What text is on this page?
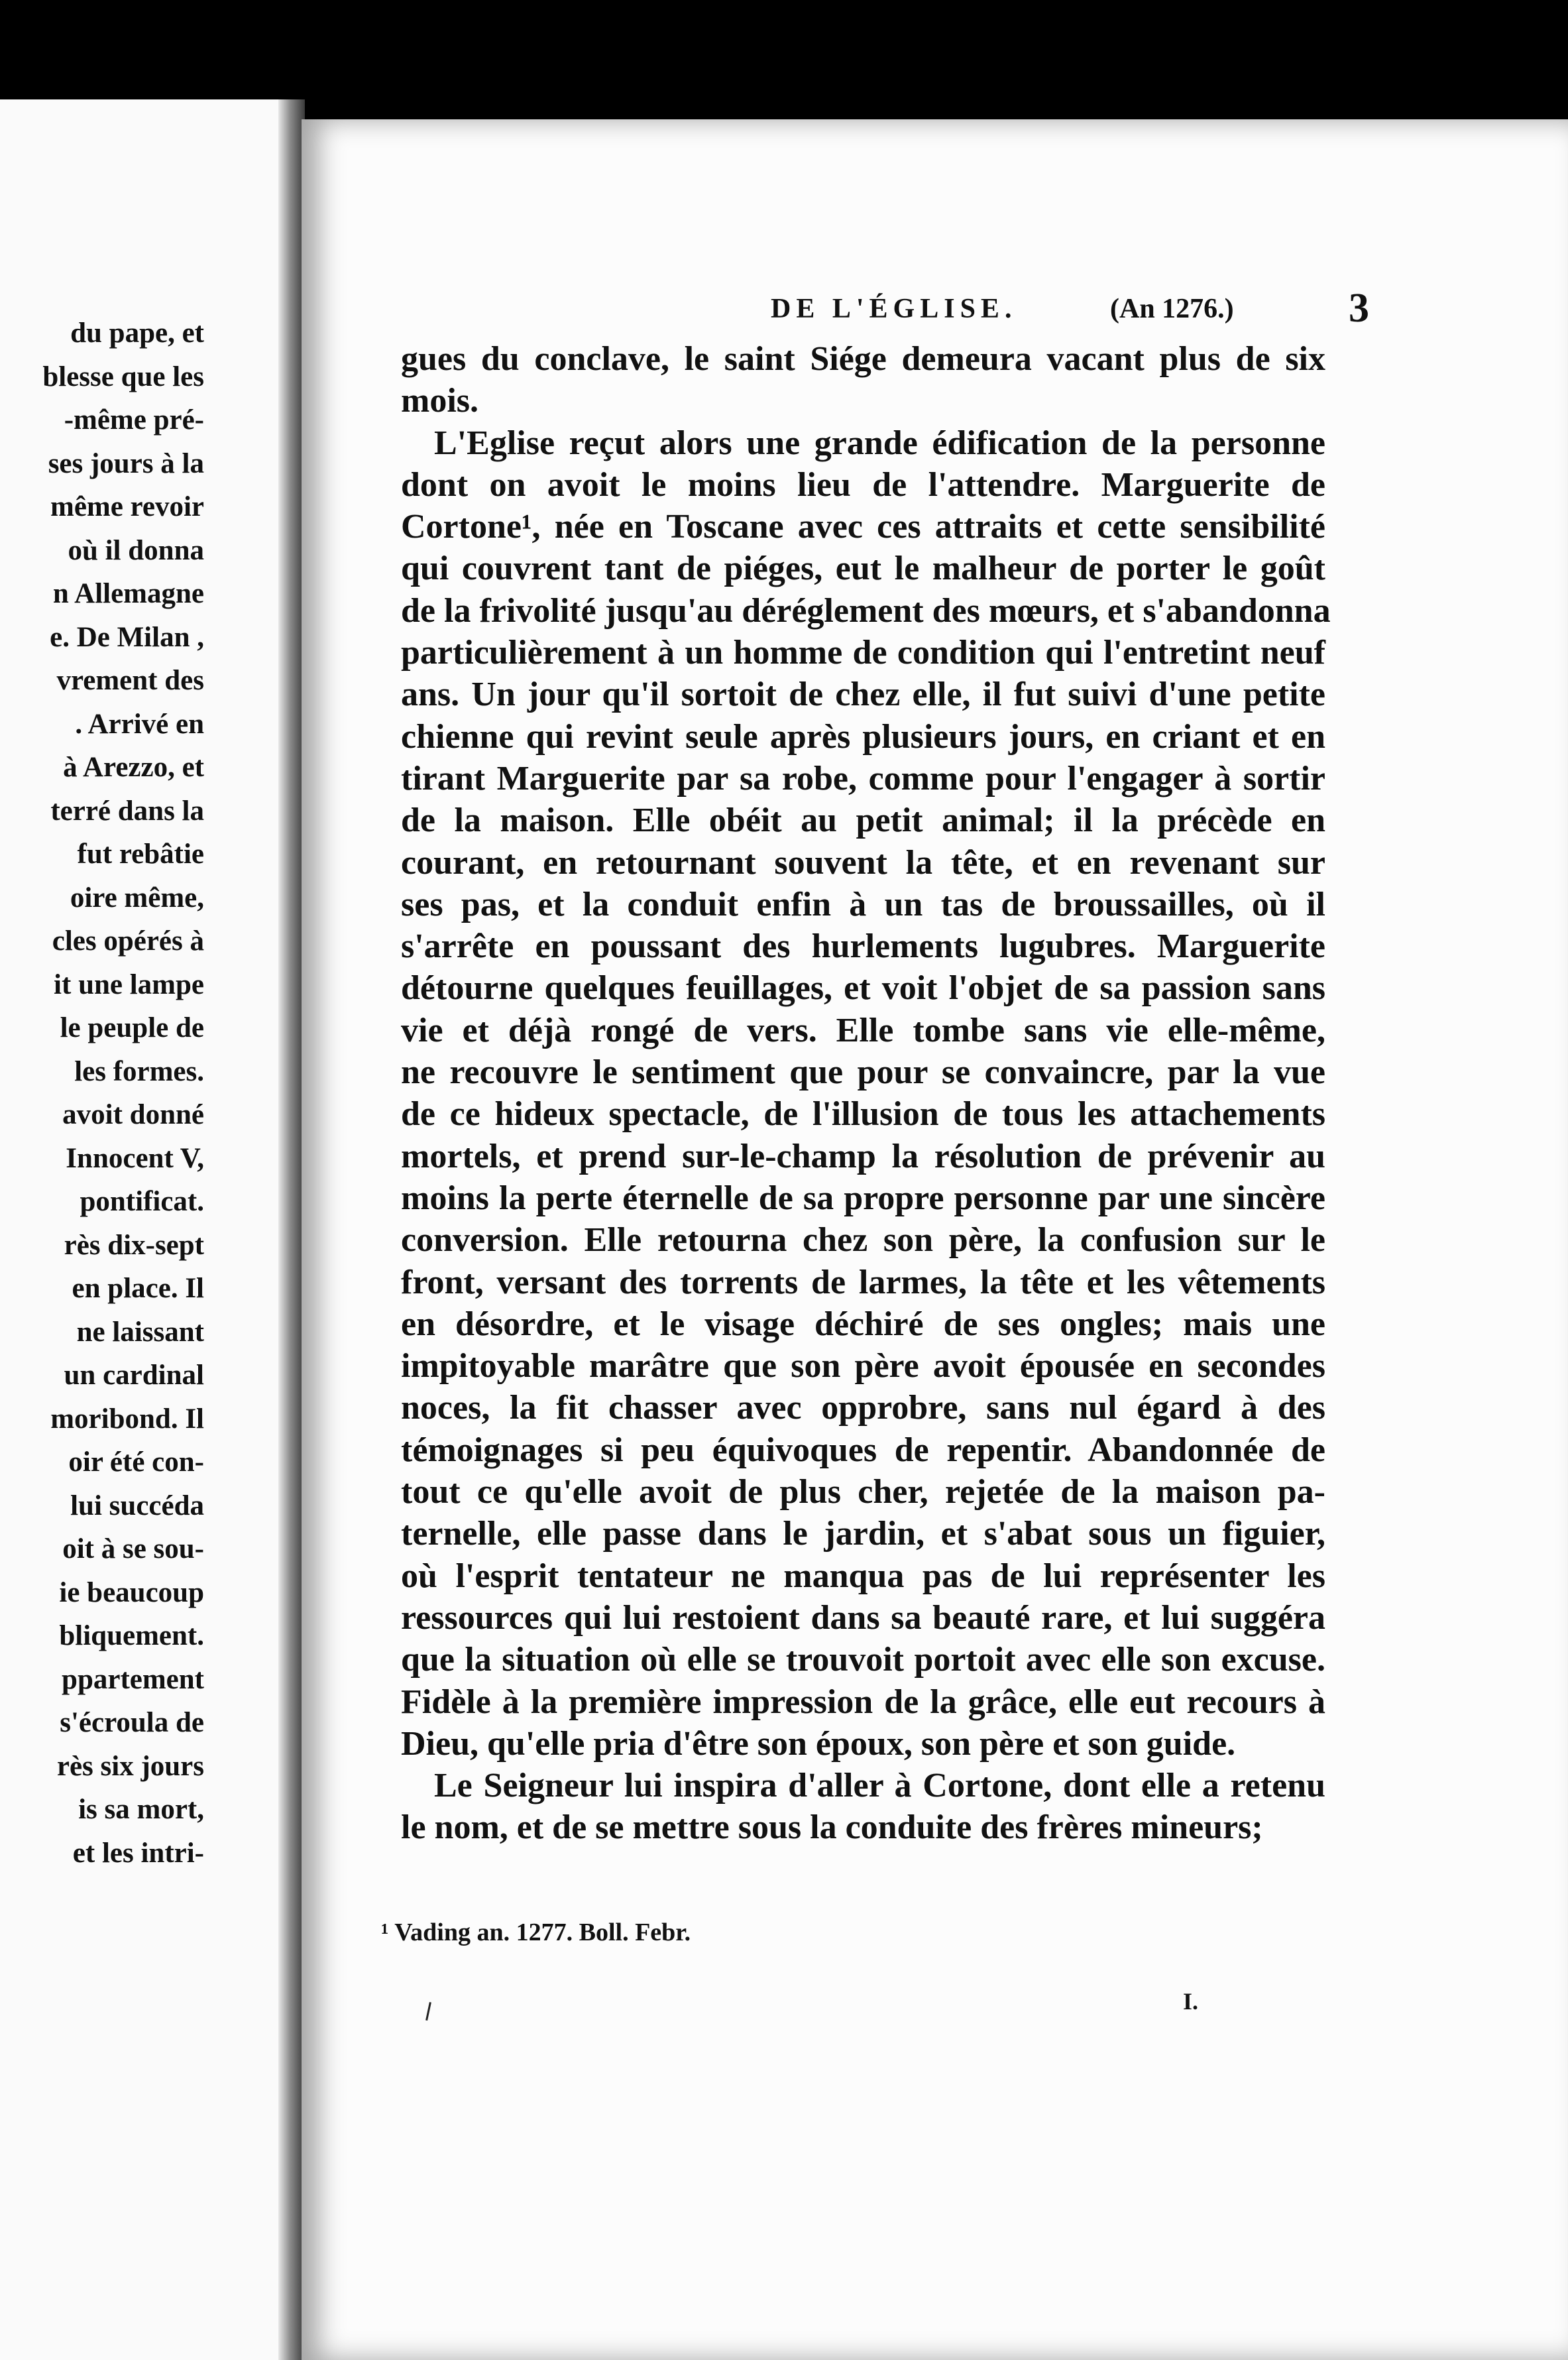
du pape, et
blesse que les
-même pré-
ses jours à la
même revoir
où il donna
n Allemagne
e. De Milan ,
vrement des
. Arrivé en
à Arezzo, et
terré dans la
fut rebâtie
oire même,
cles opérés à
it une lampe
le peuple de
les formes.
avoit donné
Innocent V,
pontificat.
rès dix-sept
en place. Il
ne laissant
un cardinal
moribond. Il
oir été con-
lui succéda
oit à se sou-
ie beaucoup
bliquement.
ppartement
s'écroula de
rès six jours
is sa mort,
et les intri-
DE L'ÉGLISE.	(An 1276.)	3
gues du conclave, le saint Siége demeura vacant plus de six
mois.
L'Eglise reçut alors une grande édification de la personne
dont on avoit le moins lieu de l'attendre. Marguerite de
Cortone¹, née en Toscane avec ces attraits et cette sensibilité
qui couvrent tant de piéges, eut le malheur de porter le goût
de la frivolité jusqu'au déréglement des mœurs, et s'abandonna
particulièrement à un homme de condition qui l'entretint neuf
ans. Un jour qu'il sortoit de chez elle, il fut suivi d'une petite
chienne qui revint seule après plusieurs jours, en criant et en
tirant Marguerite par sa robe, comme pour l'engager à sortir
de la maison. Elle obéit au petit animal; il la précède en
courant, en retournant souvent la tête, et en revenant sur
ses pas, et la conduit enfin à un tas de broussailles, où il
s'arrête en poussant des hurlements lugubres. Marguerite
détourne quelques feuillages, et voit l'objet de sa passion sans
vie et déjà rongé de vers. Elle tombe sans vie elle-même,
ne recouvre le sentiment que pour se convaincre, par la vue
de ce hideux spectacle, de l'illusion de tous les attachements
mortels, et prend sur-le-champ la résolution de prévenir au
moins la perte éternelle de sa propre personne par une sincère
conversion. Elle retourna chez son père, la confusion sur le
front, versant des torrents de larmes, la tête et les vêtements
en désordre, et le visage déchiré de ses ongles; mais une
impitoyable marâtre que son père avoit épousée en secondes
noces, la fit chasser avec opprobre, sans nul égard à des
témoignages si peu équivoques de repentir. Abandonnée de
tout ce qu'elle avoit de plus cher, rejetée de la maison pa-
ternelle, elle passe dans le jardin, et s'abat sous un figuier,
où l'esprit tentateur ne manqua pas de lui représenter les
ressources qui lui restoient dans sa beauté rare, et lui suggéra
que la situation où elle se trouvoit portoit avec elle son excuse.
Fidèle à la première impression de la grâce, elle eut recours à
Dieu, qu'elle pria d'être son époux, son père et son guide.
Le Seigneur lui inspira d'aller à Cortone, dont elle a retenu
le nom, et de se mettre sous la conduite des frères mineurs;
¹ Vading an. 1277. Boll. Febr.
I.
